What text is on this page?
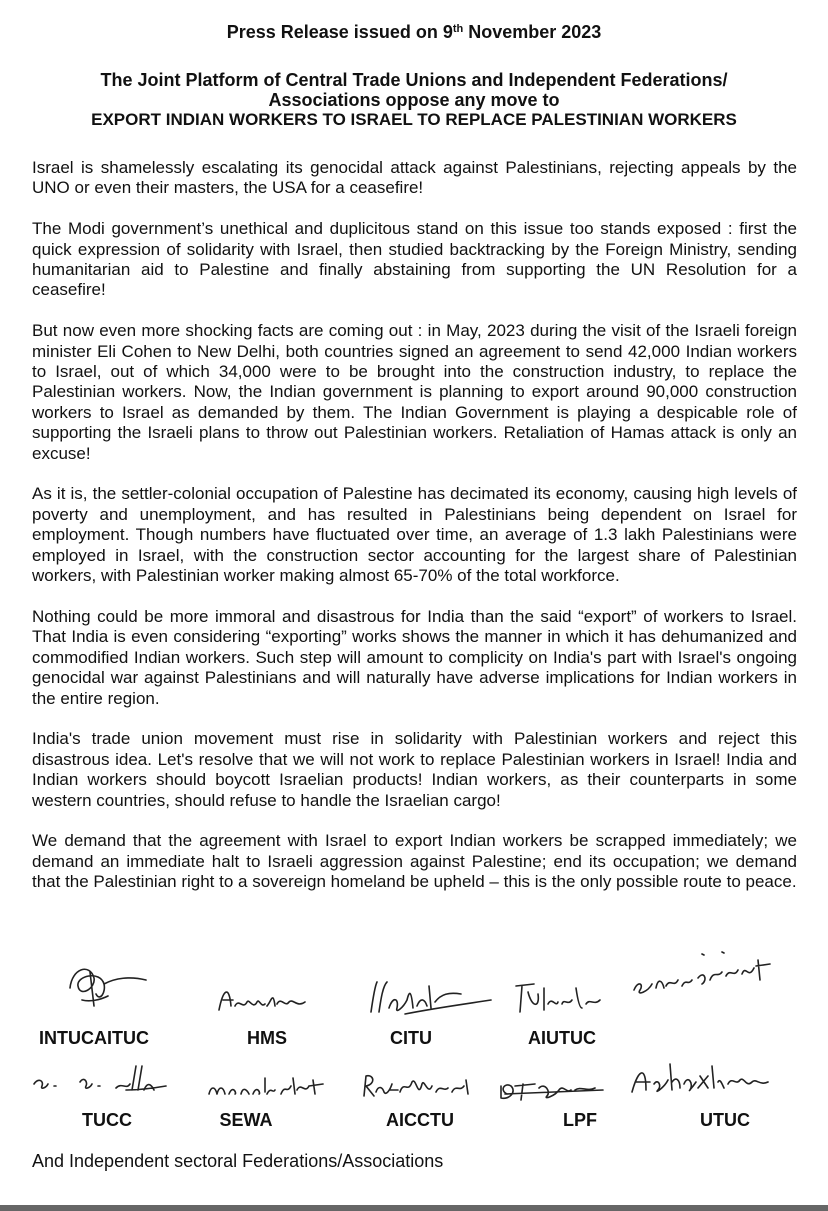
Press Release issued on 9th November 2023
The Joint Platform of Central Trade Unions and Independent Federations/
Associations oppose any move to
EXPORT INDIAN WORKERS TO ISRAEL TO REPLACE PALESTINIAN WORKERS

Israel is shamelessly escalating its genocidal attack against Palestinians, rejecting appeals by the UNO or even their masters, the USA for a ceasefire!

The Modi government’s unethical and duplicitous stand on this issue too stands exposed : first the quick expression of solidarity with Israel, then studied backtracking by the Foreign Ministry, sending humanitarian aid to Palestine and finally abstaining from supporting the UN Resolution for a ceasefire!

But now even more shocking facts are coming out : in May, 2023 during the visit of the Israeli foreign minister Eli Cohen to New Delhi, both countries signed an agreement to send 42,000 Indian workers to Israel, out of which 34,000 were to be brought into the construction industry, to replace the Palestinian workers. Now, the Indian government is planning to export around 90,000 construction workers to Israel as demanded by them. The Indian Government is playing a despicable role of supporting the Israeli plans to throw out Palestinian workers. Retaliation of Hamas attack is only an excuse!

As it is, the settler-colonial occupation of Palestine has decimated its economy, causing high levels of poverty and unemployment, and has resulted in Palestinians being dependent on Israel for employment. Though numbers have fluctuated over time, an average of 1.3 lakh Palestinians were employed in Israel, with the construction sector accounting for the largest share of Palestinian workers, with Palestinian worker making almost 65-70% of the total workforce.

Nothing could be more immoral and disastrous for India than the said “export” of workers to Israel. That India is even considering “exporting” works shows the manner in which it has dehumanized and commodified Indian workers. Such step will amount to complicity on India's part with Israel's ongoing genocidal war against Palestinians and will naturally have adverse implications for Indian workers in the entire region.

India's trade union movement must rise in solidarity with Palestinian workers and reject this disastrous idea. Let's resolve that we will not work to replace Palestinian workers in Israel! India and Indian workers should boycott Israelian products! Indian workers, as their counterparts in some western countries, should refuse to handle the Israelian cargo!

We demand that the agreement with Israel to export Indian workers be scrapped immediately; we demand an immediate halt to Israeli aggression against Palestine; end its occupation; we demand that the Palestinian right to a sovereign homeland be upheld – this is the only possible route to peace.

INTUCAITUC	HMS	CITU	AIUTUC
TUCC	SEWA	AICCTU	LPF	UTUC
And Independent sectoral Federations/Associations
